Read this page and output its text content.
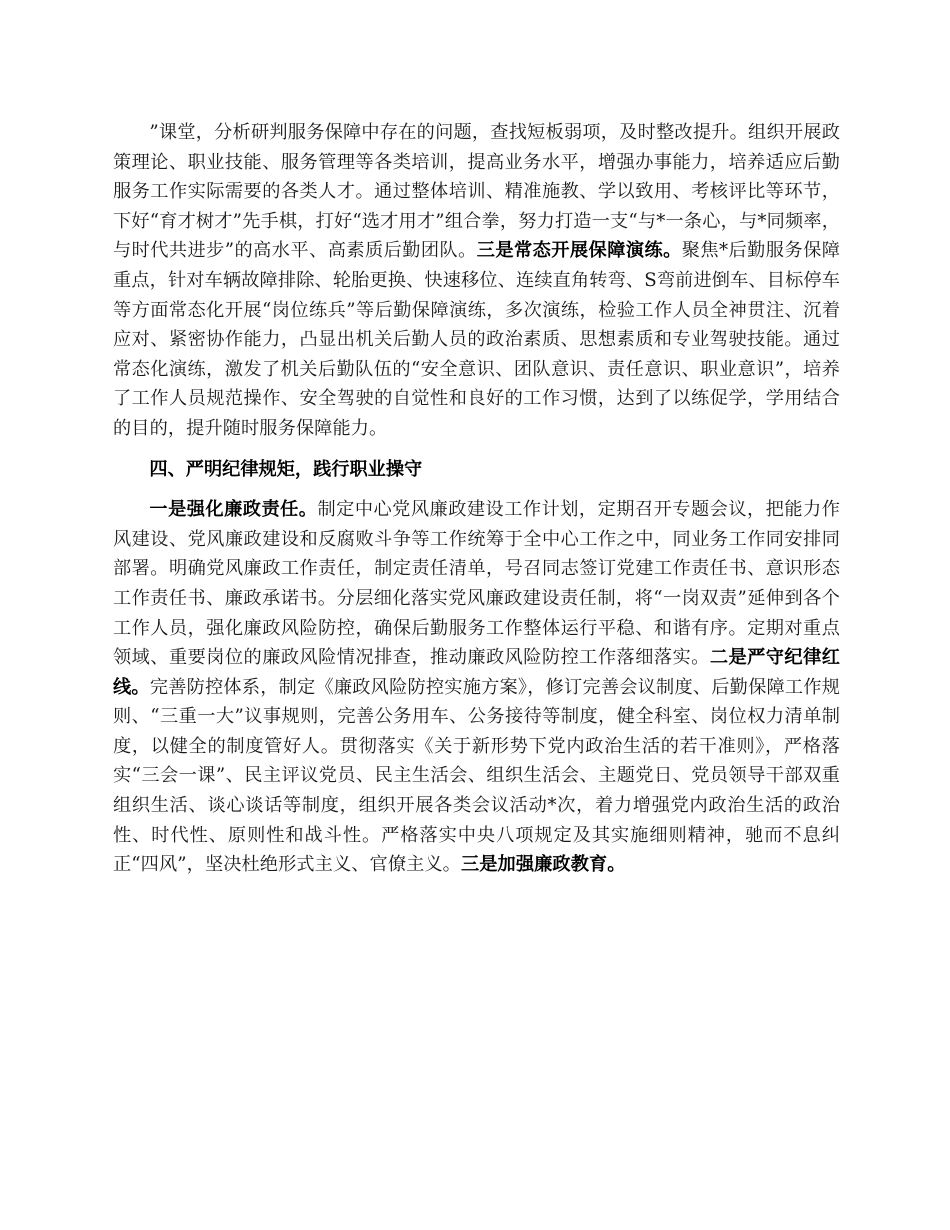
”课堂，分析研判服务保障中存在的问题，查找短板弱项，及时整改提升。组织开展政策理论、职业技能、服务管理等各类培训，提高业务水平，增强办事能力，培养适应后勤服务工作实际需要的各类人才。通过整体培训、精准施教、学以致用、考核评比等环节，下好“育才树才”先手棋，打好“选才用才”组合拳，努力打造一支“与*一条心，与*同频率，与时代共进步”的高水平、高素质后勤团队。三是常态开展保障演练。聚焦*后勤服务保障重点，针对车辆故障排除、轮胎更换、快速移位、连续直角转弯、S弯前进倒车、目标停车等方面常态化开展“岗位练兵”等后勤保障演练，多次演练，检验工作人员全神贯注、沉着应对、紧密协作能力，凸显出机关后勤人员的政治素质、思想素质和专业驾驶技能。通过常态化演练，激发了机关后勤队伍的“安全意识、团队意识、责任意识、职业意识”，培养了工作人员规范操作、安全驾驶的自觉性和良好的工作习惯，达到了以练促学，学用结合的目的，提升随时服务保障能力。

四、严明纪律规矩，践行职业操守

一是强化廉政责任。制定中心党风廉政建设工作计划，定期召开专题会议，把能力作风建设、党风廉政建设和反腐败斗争等工作统筹于全中心工作之中，同业务工作同安排同部署。明确党风廉政工作责任，制定责任清单，号召同志签订党建工作责任书、意识形态工作责任书、廉政承诺书。分层细化落实党风廉政建设责任制，将“一岗双责”延伸到各个工作人员，强化廉政风险防控，确保后勤服务工作整体运行平稳、和谐有序。定期对重点领域、重要岗位的廉政风险情况排查，推动廉政风险防控工作落细落实。二是严守纪律红线。完善防控体系，制定《廉政风险防控实施方案》，修订完善会议制度、后勤保障工作规则、“三重一大”议事规则，完善公务用车、公务接待等制度，健全科室、岗位权力清单制度，以健全的制度管好人。贯彻落实《关于新形势下党内政治生活的若干准则》，严格落实“三会一课”、民主评议党员、民主生活会、组织生活会、主题党日、党员领导干部双重组织生活、谈心谈话等制度，组织开展各类会议活动*次，着力增强党内政治生活的政治性、时代性、原则性和战斗性。严格落实中央八项规定及其实施细则精神，驰而不息纠正“四风”，坚决杜绝形式主义、官僚主义。三是加强廉政教育。
